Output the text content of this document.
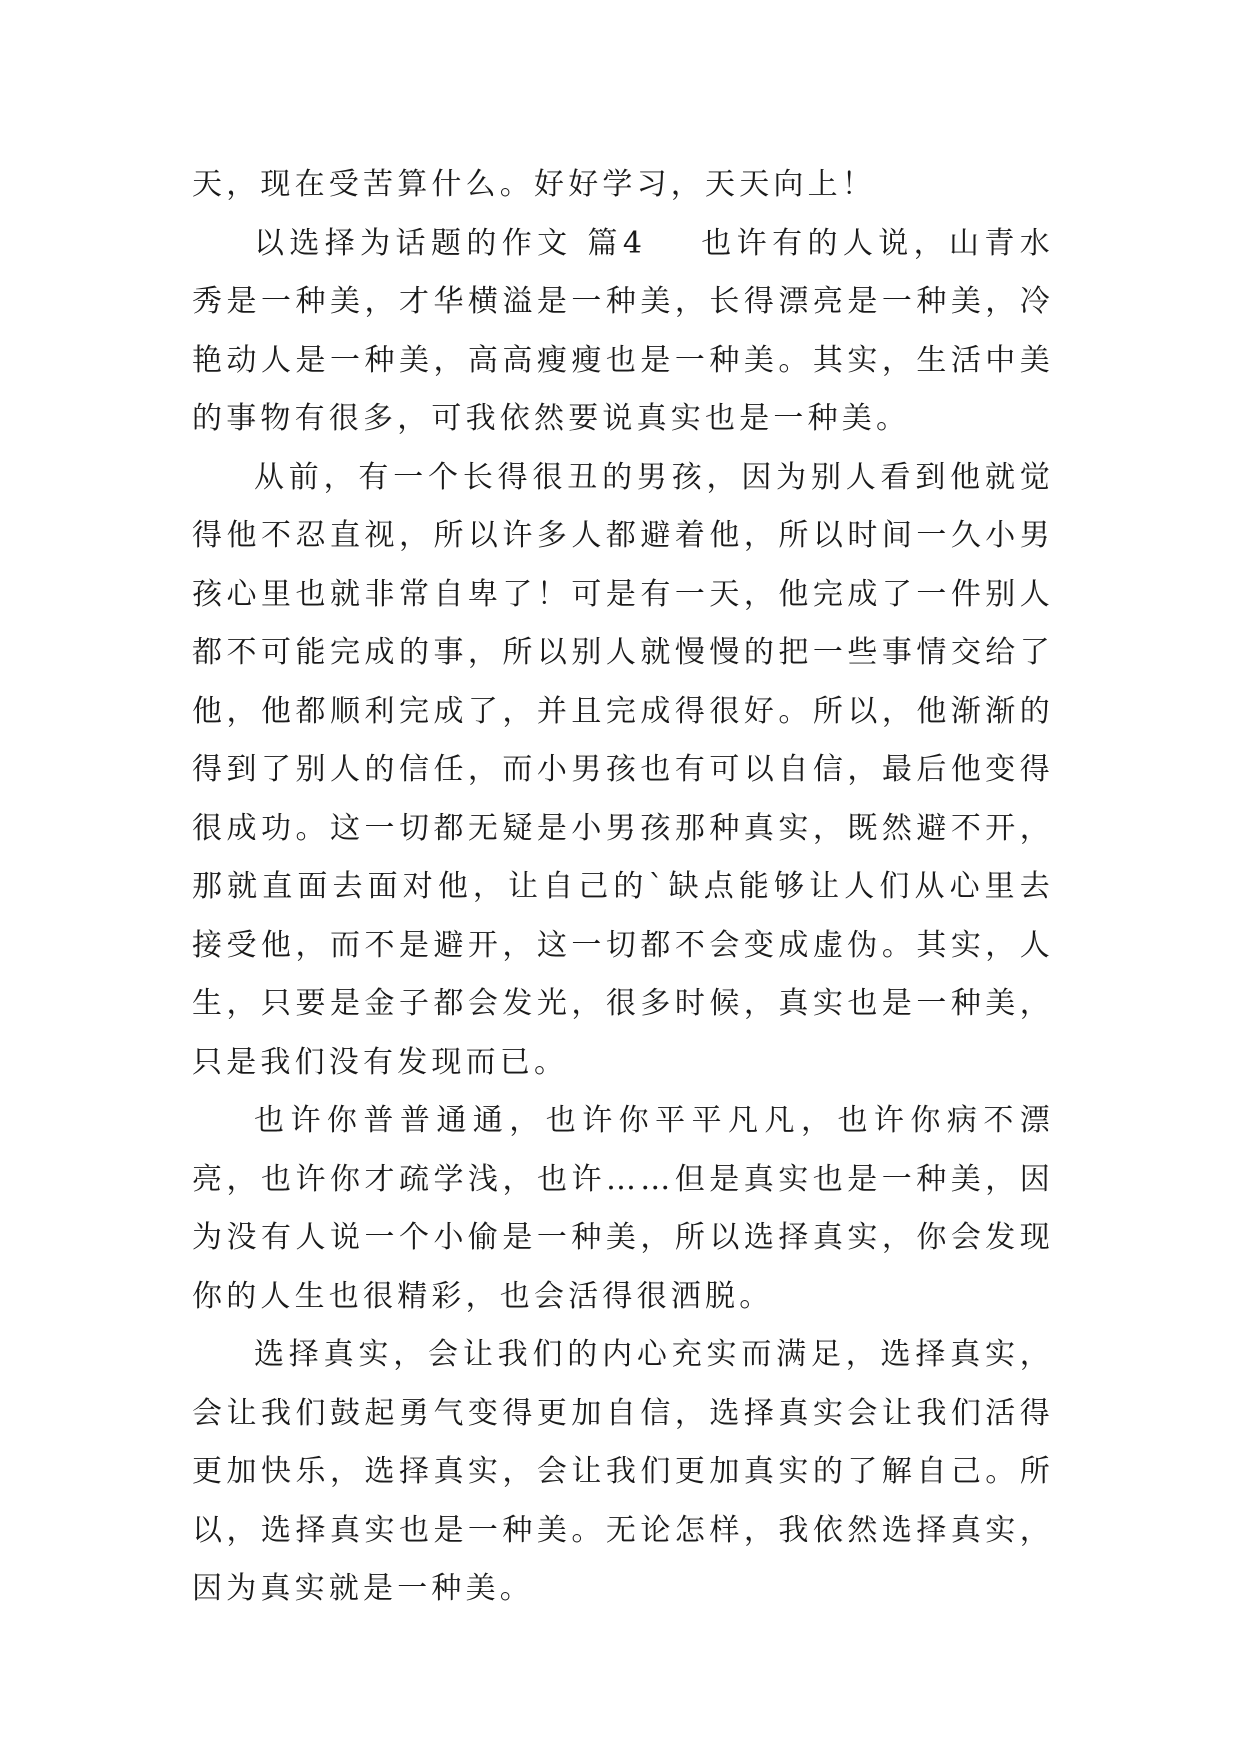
天，现在受苦算什么。好好学习，天天向上！

以选择为话题的作文 篇4 也许有的人说，山青水秀是一种美，才华横溢是一种美，长得漂亮是一种美，冷艳动人是一种美，高高瘦瘦也是一种美。其实，生活中美的事物有很多，可我依然要说真实也是一种美。

从前，有一个长得很丑的男孩，因为别人看到他就觉得他不忍直视，所以许多人都避着他，所以时间一久小男孩心里也就非常自卑了！可是有一天，他完成了一件别人都不可能完成的事，所以别人就慢慢的把一些事情交给了他，他都顺利完成了，并且完成得很好。所以，他渐渐的得到了别人的信任，而小男孩也有可以自信，最后他变得很成功。这一切都无疑是小男孩那种真实，既然避不开，那就直面去面对他，让自己的`缺点能够让人们从心里去接受他，而不是避开，这一切都不会变成虚伪。其实，人生，只要是金子都会发光，很多时候，真实也是一种美，只是我们没有发现而已。

也许你普普通通，也许你平平凡凡，也许你病不漂亮，也许你才疏学浅，也许……但是真实也是一种美，因为没有人说一个小偷是一种美，所以选择真实，你会发现你的人生也很精彩，也会活得很洒脱。

选择真实，会让我们的内心充实而满足，选择真实，会让我们鼓起勇气变得更加自信，选择真实会让我们活得更加快乐，选择真实，会让我们更加真实的了解自己。所以，选择真实也是一种美。无论怎样，我依然选择真实，因为真实就是一种美。
